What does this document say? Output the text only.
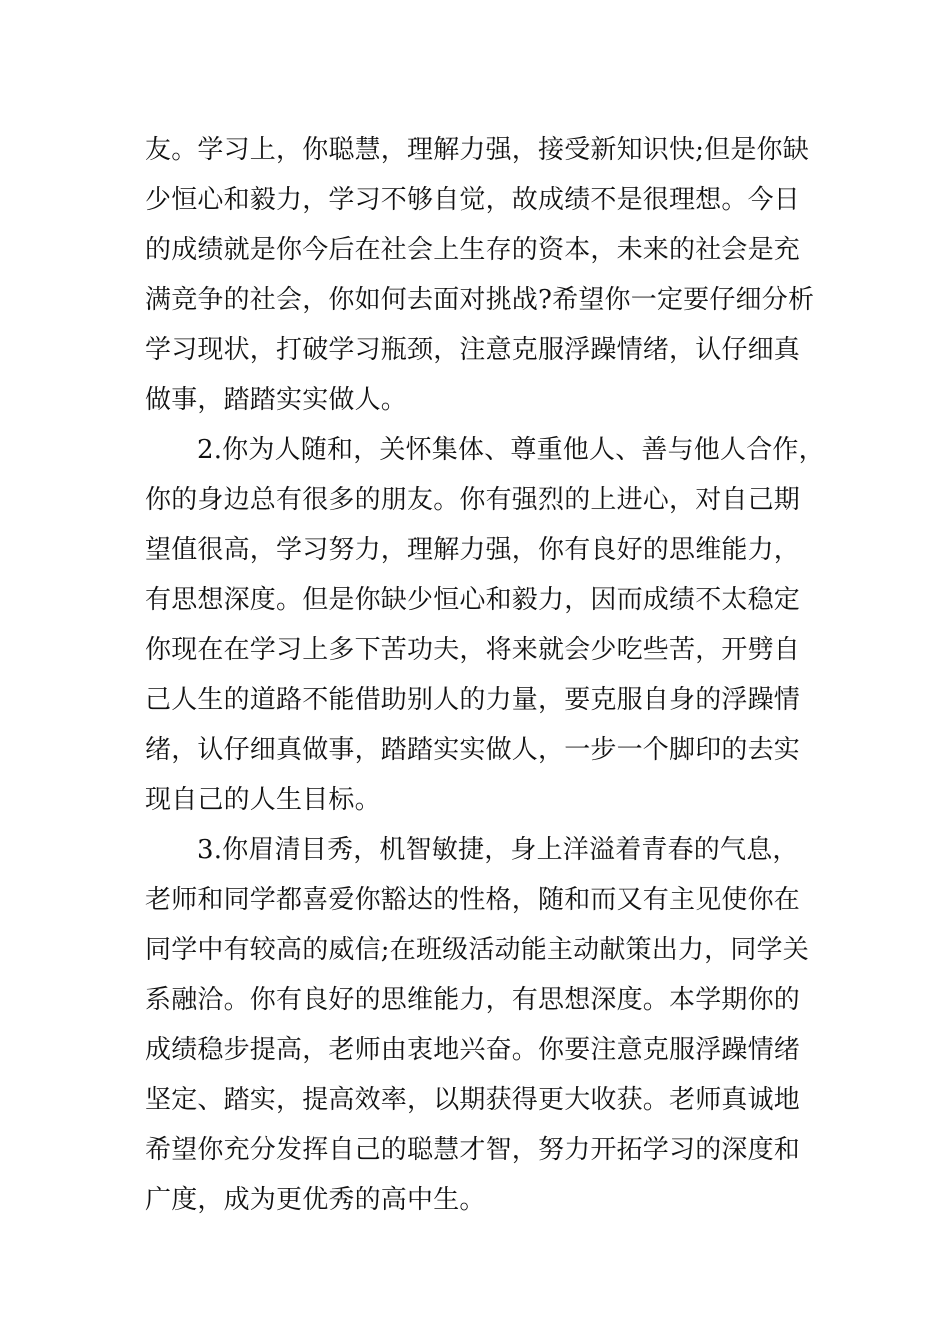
友。学习上，你聪慧，理解力强，接受新知识快;但是你缺
少恒心和毅力，学习不够自觉，故成绩不是很理想。今日
的成绩就是你今后在社会上生存的资本，未来的社会是充
满竞争的社会，你如何去面对挑战?希望你一定要仔细分析
学习现状，打破学习瓶颈，注意克服浮躁情绪，认仔细真
做事，踏踏实实做人。
2.你为人随和，关怀集体、尊重他人、善与他人合作，
你的身边总有很多的朋友。你有强烈的上进心，对自己期
望值很高，学习努力，理解力强，你有良好的思维能力，
有思想深度。但是你缺少恒心和毅力，因而成绩不太稳定
你现在在学习上多下苦功夫，将来就会少吃些苦，开劈自
己人生的道路不能借助别人的力量，要克服自身的浮躁情
绪，认仔细真做事，踏踏实实做人，一步一个脚印的去实
现自己的人生目标。
3.你眉清目秀，机智敏捷，身上洋溢着青春的气息，
老师和同学都喜爱你豁达的性格，随和而又有主见使你在
同学中有较高的威信;在班级活动能主动献策出力，同学关
系融洽。你有良好的思维能力，有思想深度。本学期你的
成绩稳步提高，老师由衷地兴奋。你要注意克服浮躁情绪
坚定、踏实，提高效率，以期获得更大收获。老师真诚地
希望你充分发挥自己的聪慧才智，努力开拓学习的深度和
广度，成为更优秀的高中生。
